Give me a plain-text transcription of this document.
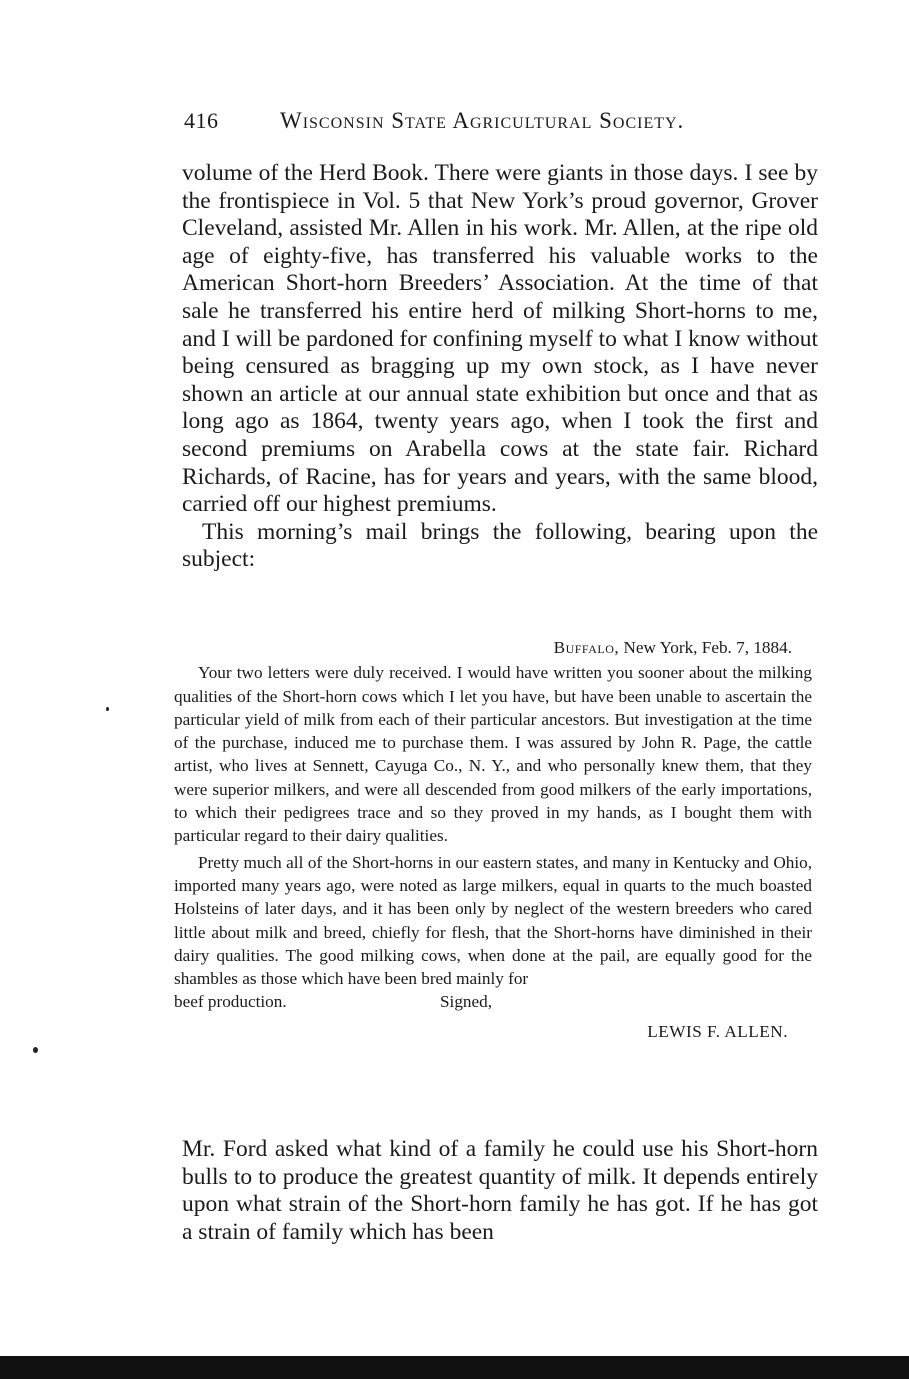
416	Wisconsin State Agricultural Society.

volume of the Herd Book. There were giants in those days. I see by the frontispiece in Vol. 5 that New York’s proud governor, Grover Cleveland, assisted Mr. Allen in his work. Mr. Allen, at the ripe old age of eighty-five, has transferred his valuable works to the American Short-horn Breeders’ Association. At the time of that sale he transferred his entire herd of milking Short-horns to me, and I will be pardoned for confining myself to what I know without being censured as bragging up my own stock, as I have never shown an article at our annual state exhibition but once and that as long ago as 1864, twenty years ago, when I took the first and second premiums on Arabella cows at the state fair. Richard Richards, of Racine, has for years and years, with the same blood, carried off our highest premiums.

This morning’s mail brings the following, bearing upon the subject:

Buffalo, New York, Feb. 7, 1884.

Your two letters were duly received. I would have written you sooner about the milking qualities of the Short-horn cows which I let you have, but have been unable to ascertain the particular yield of milk from each of their particular ancestors. But investigation at the time of the purchase, induced me to purchase them. I was assured by John R. Page, the cattle artist, who lives at Sennett, Cayuga Co., N. Y., and who personally knew them, that they were superior milkers, and were all descended from good milkers of the early importations, to which their pedigrees trace and so they proved in my hands, as I bought them with particular regard to their dairy qualities.

Pretty much all of the Short-horns in our eastern states, and many in Kentucky and Ohio, imported many years ago, were noted as large milkers, equal in quarts to the much boasted Holsteins of later days, and it has been only by neglect of the western breeders who cared little about milk and breed, chiefly for flesh, that the Short-horns have diminished in their dairy qualities. The good milking cows, when done at the pail, are equally good for the shambles as those which have been bred mainly for

beef production.	Signed,
LEWIS F. ALLEN.

Mr. Ford asked what kind of a family he could use his Short-horn bulls to to produce the greatest quantity of milk. It depends entirely upon what strain of the Short-horn family he has got. If he has got a strain of family which has been
